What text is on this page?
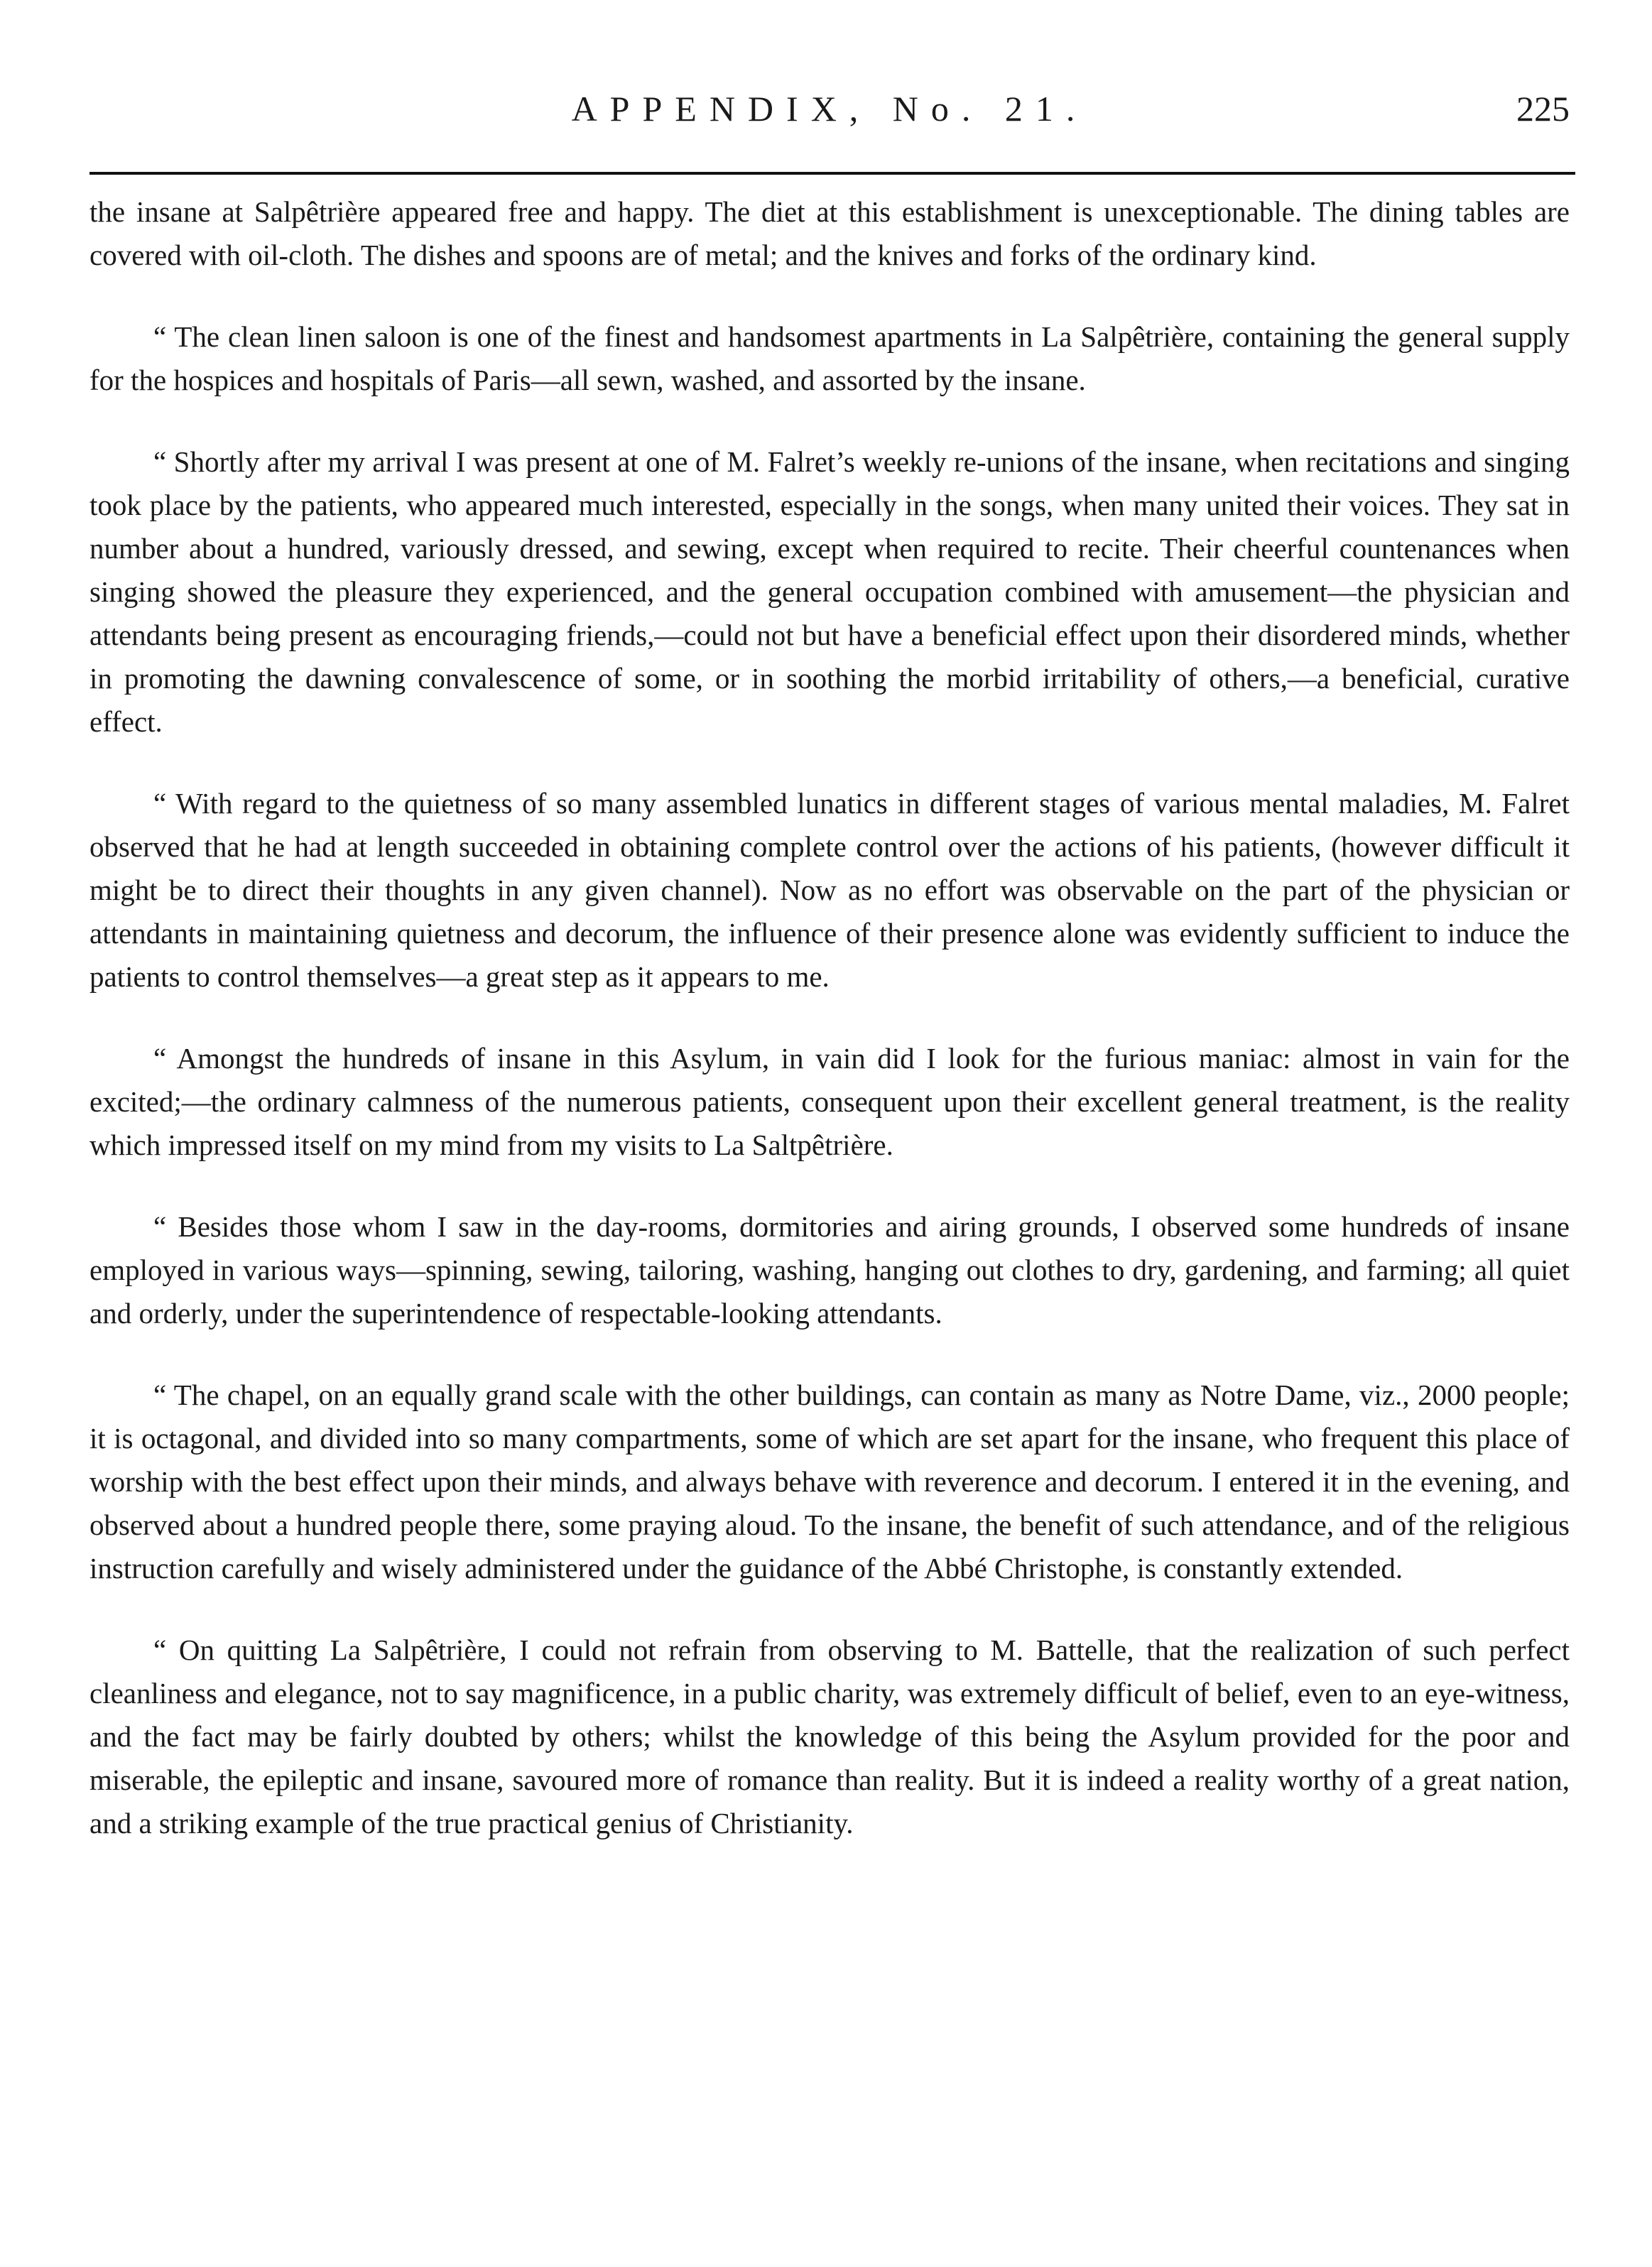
APPENDIX, No. 21.	225

the insane at Salpêtrière appeared free and happy. The diet at this establishment is unexceptionable. The dining tables are covered with oil-cloth. The dishes and spoons are of metal; and the knives and forks of the ordinary kind.

“ The clean linen saloon is one of the finest and handsomest apartments in La Salpêtrière, containing the general supply for the hospices and hospitals of Paris—all sewn, washed, and assorted by the insane.

“ Shortly after my arrival I was present at one of M. Falret’s weekly re-unions of the insane, when recitations and singing took place by the patients, who appeared much interested, especially in the songs, when many united their voices. They sat in number about a hundred, variously dressed, and sewing, except when required to recite. Their cheerful countenances when singing showed the pleasure they experienced, and the general occupation combined with amusement—the physician and attendants being present as encouraging friends,—could not but have a beneficial effect upon their disordered minds, whether in promoting the dawning convalescence of some, or in soothing the morbid irritability of others,—a beneficial, curative effect.

“ With regard to the quietness of so many assembled lunatics in different stages of various mental maladies, M. Falret observed that he had at length succeeded in obtaining complete control over the actions of his patients, (however difficult it might be to direct their thoughts in any given channel). Now as no effort was observable on the part of the physician or attendants in maintaining quietness and decorum, the influence of their presence alone was evidently sufficient to induce the patients to control themselves—a great step as it appears to me.

“ Amongst the hundreds of insane in this Asylum, in vain did I look for the furious maniac: almost in vain for the excited;—the ordinary calmness of the numerous patients, consequent upon their excellent general treatment, is the reality which impressed itself on my mind from my visits to La Saltpêtrière.

“ Besides those whom I saw in the day-rooms, dormitories and airing grounds, I observed some hundreds of insane employed in various ways—spinning, sewing, tailoring, washing, hanging out clothes to dry, gardening, and farming; all quiet and orderly, under the superintendence of respectable-looking attendants.

“ The chapel, on an equally grand scale with the other buildings, can contain as many as Notre Dame, viz., 2000 people; it is octagonal, and divided into so many compartments, some of which are set apart for the insane, who frequent this place of worship with the best effect upon their minds, and always behave with reverence and decorum. I entered it in the evening, and observed about a hundred people there, some praying aloud. To the insane, the benefit of such attendance, and of the religious instruction carefully and wisely administered under the guidance of the Abbé Christophe, is constantly extended.

“ On quitting La Salpêtrière, I could not refrain from observing to M. Battelle, that the realization of such perfect cleanliness and elegance, not to say magnificence, in a public charity, was extremely difficult of belief, even to an eye-witness, and the fact may be fairly doubted by others; whilst the knowledge of this being the Asylum provided for the poor and miserable, the epileptic and insane, savoured more of romance than reality. But it is indeed a reality worthy of a great nation, and a striking example of the true practical genius of Christianity.
